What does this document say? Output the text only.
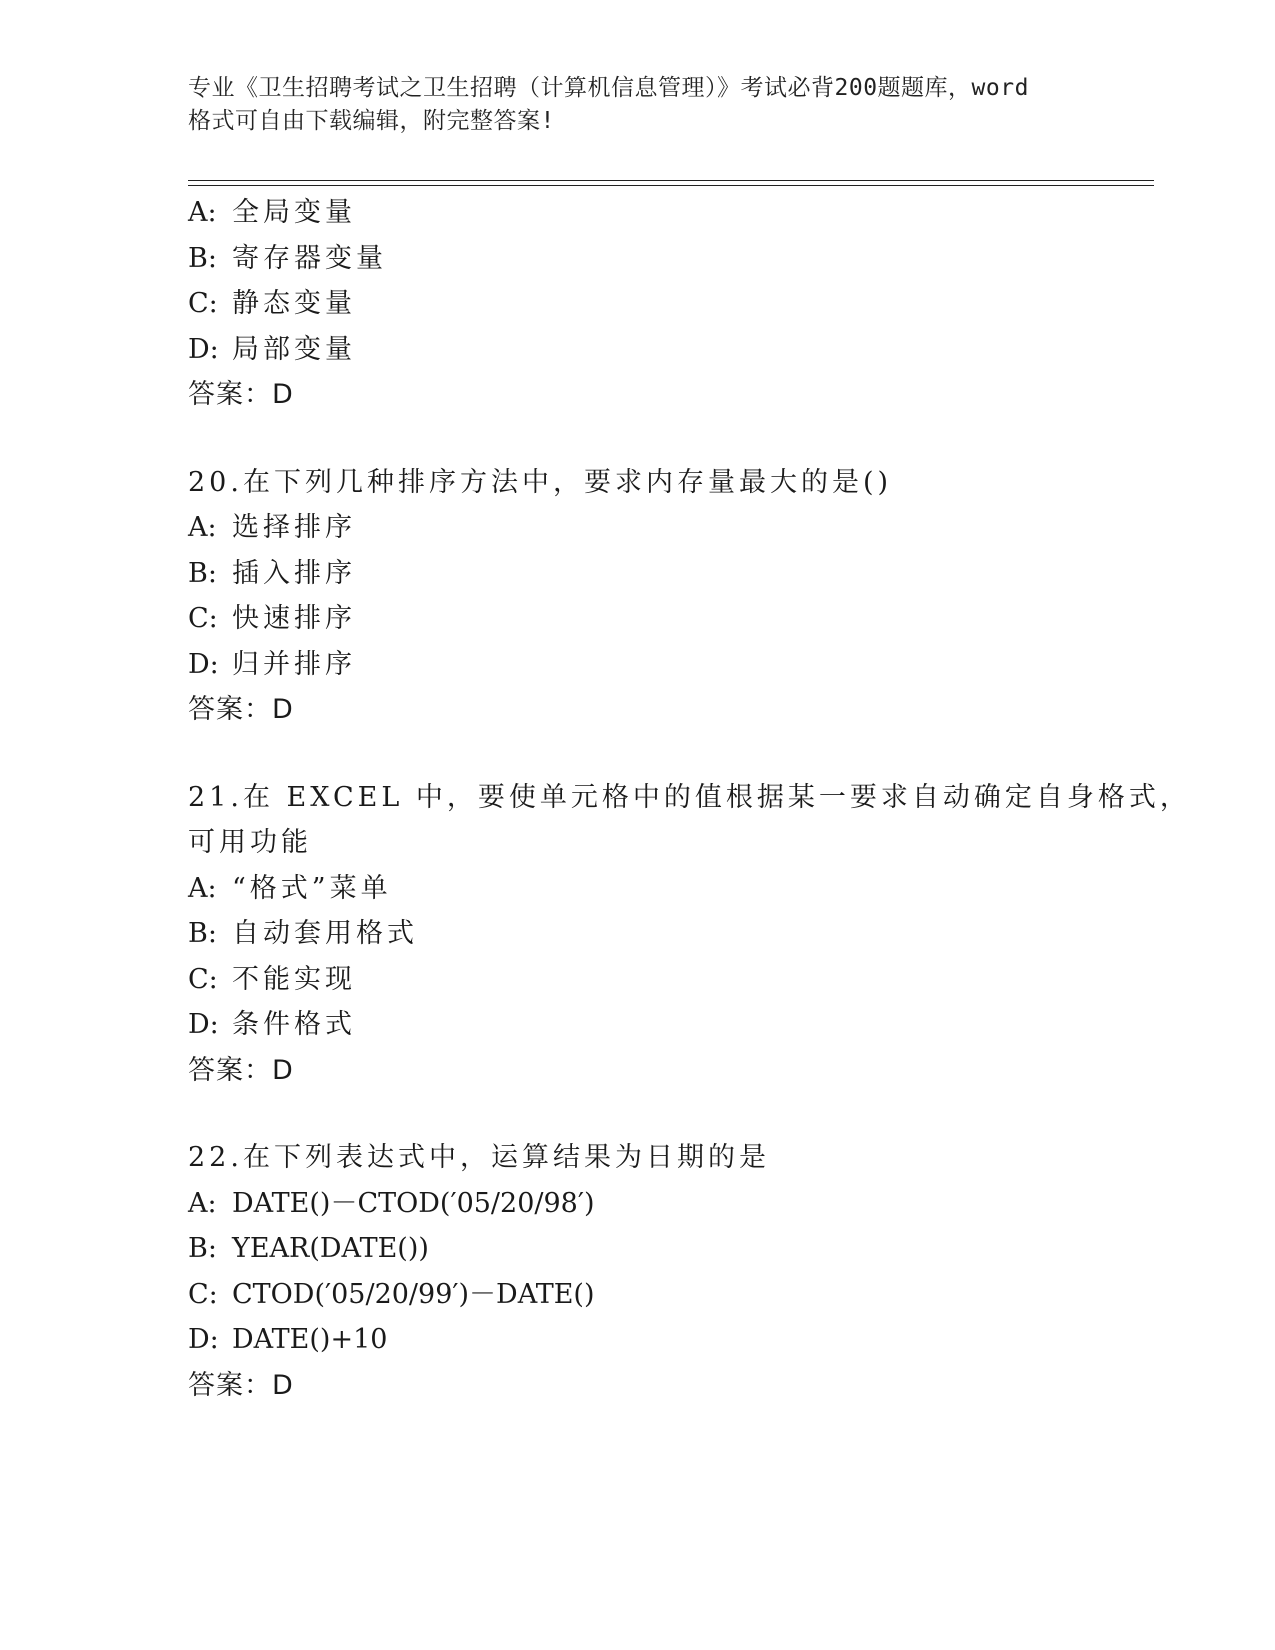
专业《卫生招聘考试之卫生招聘（计算机信息管理）》考试必背200题题库，word

格式可自由下载编辑，附完整答案!

A: 全局变量
B: 寄存器变量
C: 静态变量
D: 局部变量
答案：D
20.在下列几种排序方法中，要求内存量最大的是()
A: 选择排序
B: 插入排序
C: 快速排序
D: 归并排序
答案：D
21.在 EXCEL 中，要使单元格中的值根据某一要求自动确定自身格式，
可用功能
A: “格式”菜单
B: 自动套用格式
C: 不能实现
D: 条件格式
答案：D
22.在下列表达式中，运算结果为日期的是
A: DATE()－CTOD(′05/20/98′)
B: YEAR(DATE())
C: CTOD(′05/20/99′)－DATE()
D: DATE()+10
答案：D
